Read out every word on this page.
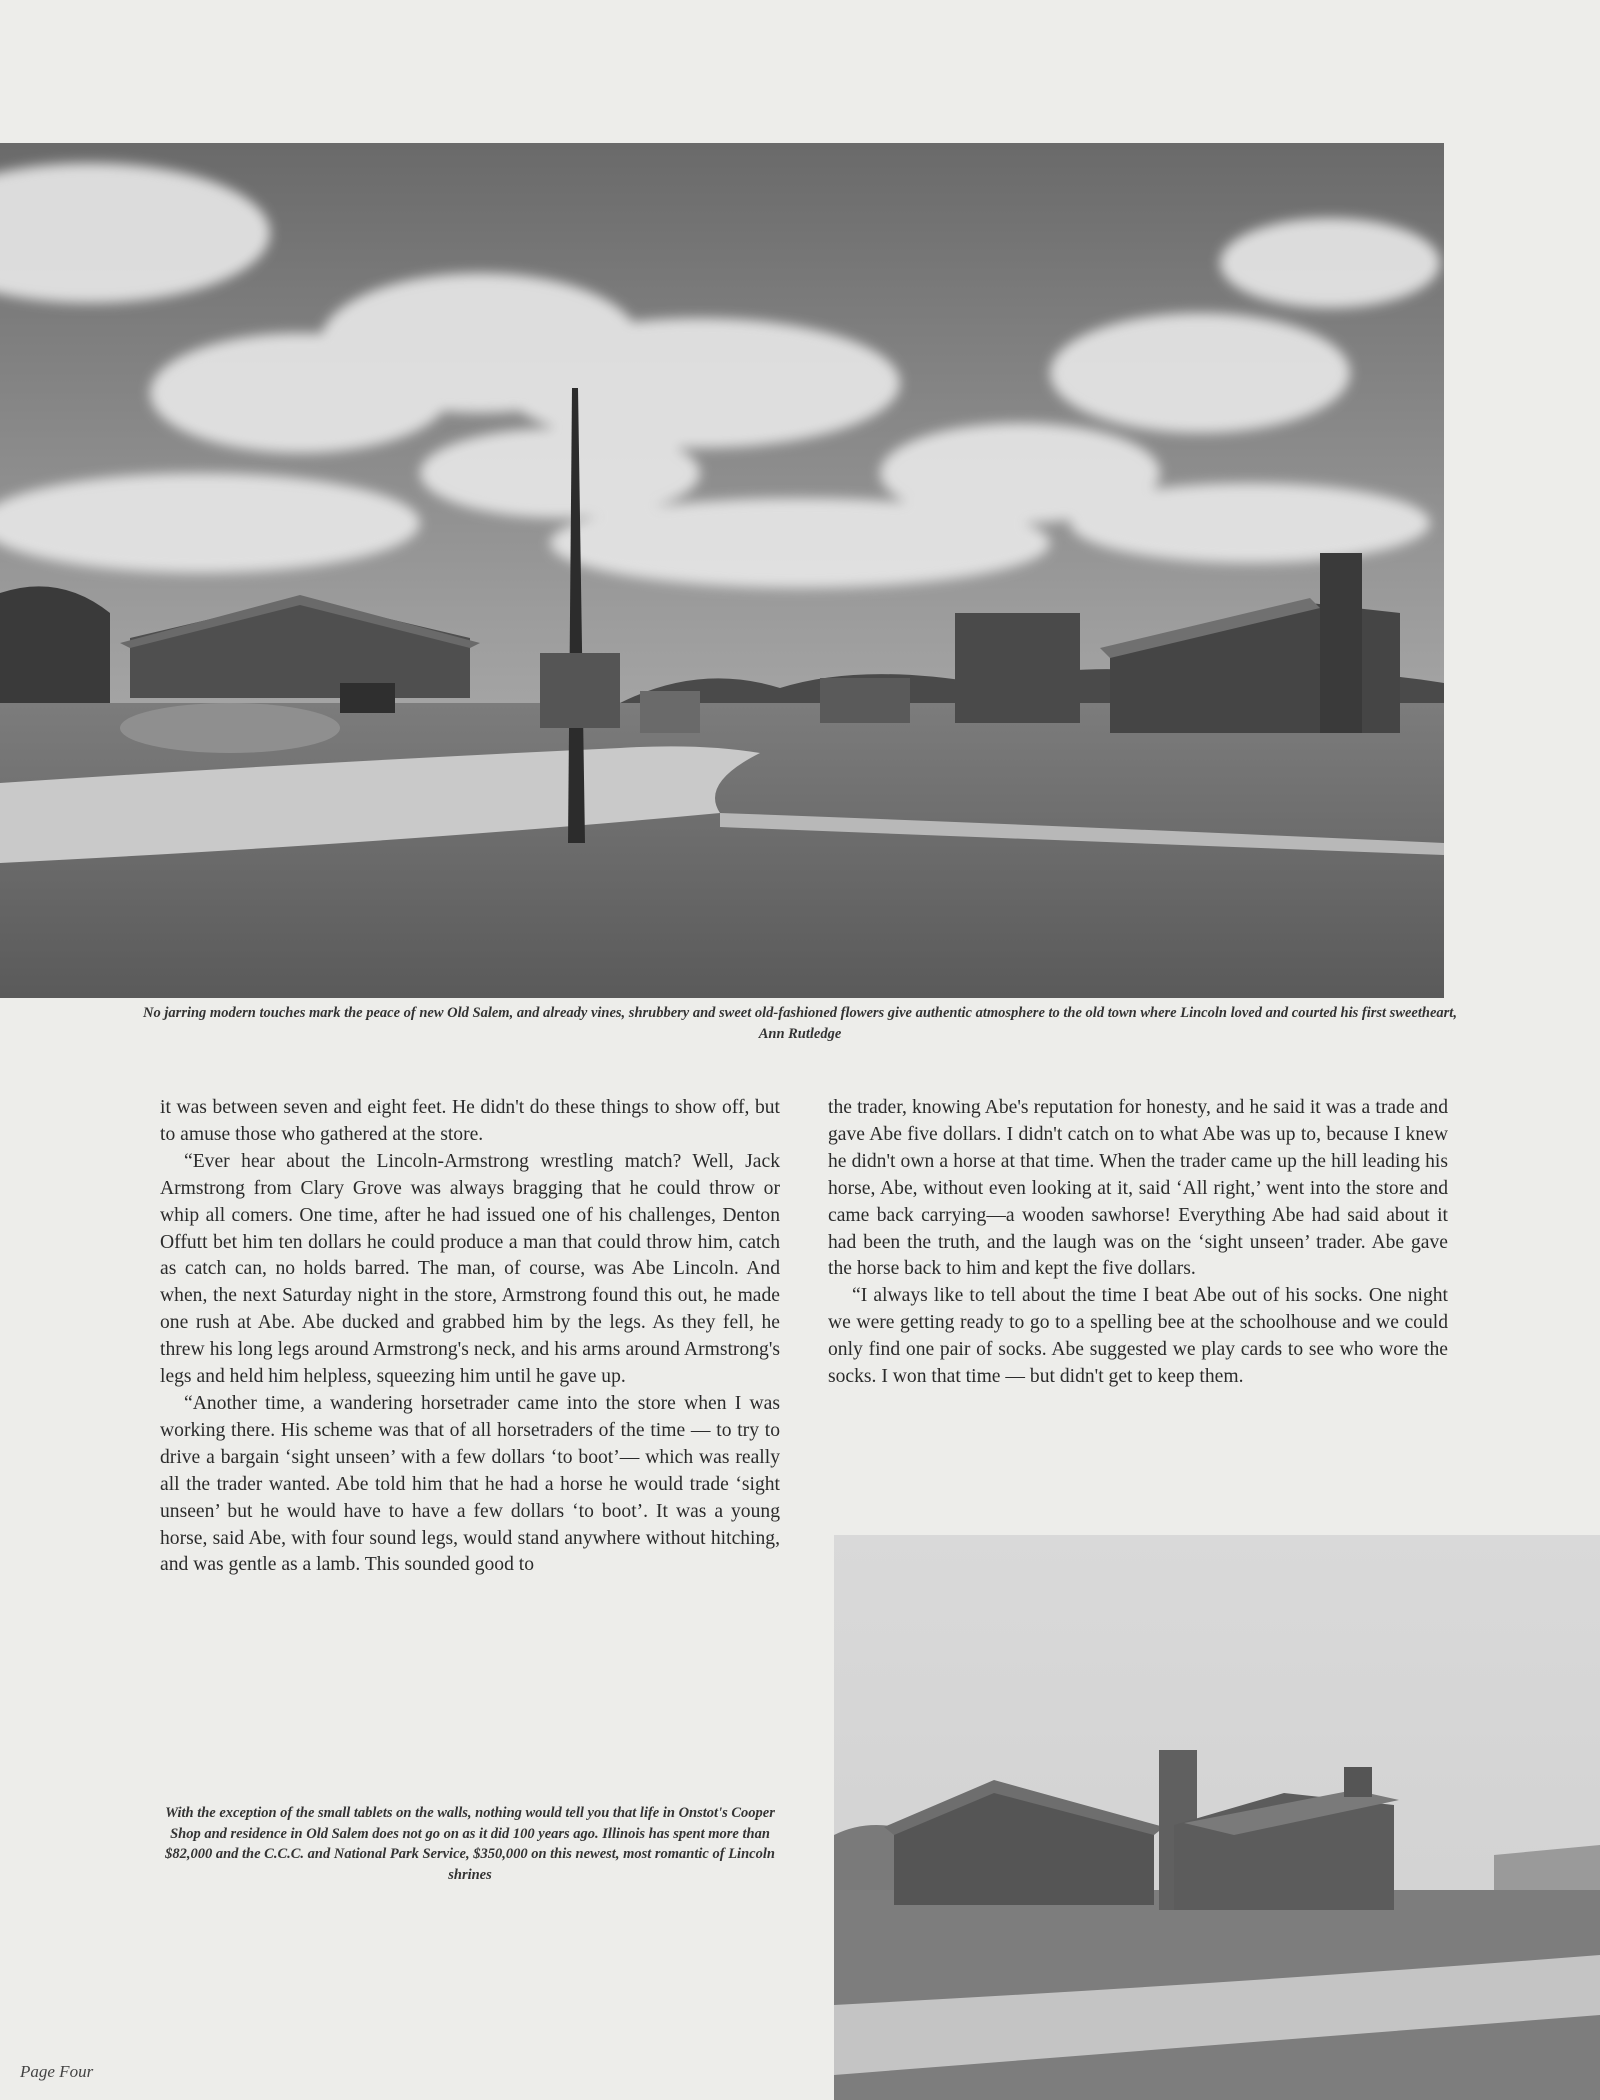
No jarring modern touches mark the peace of new Old Salem, and already vines, shrubbery and sweet old-fashioned flowers give authentic atmosphere to the old town where Lincoln loved and courted his first sweetheart, Ann Rutledge

it was between seven and eight feet. He didn't do these things to show off, but to amuse those who gathered at the store.

“Ever hear about the Lincoln-Armstrong wrestling match? Well, Jack Armstrong from Clary Grove was always bragging that he could throw or whip all comers. One time, after he had issued one of his challenges, Denton Offutt bet him ten dollars he could produce a man that could throw him, catch as catch can, no holds barred. The man, of course, was Abe Lincoln. And when, the next Saturday night in the store, Armstrong found this out, he made one rush at Abe. Abe ducked and grabbed him by the legs. As they fell, he threw his long legs around Armstrong's neck, and his arms around Armstrong's legs and held him helpless, squeezing him until he gave up.

“Another time, a wandering horsetrader came into the store when I was working there. His scheme was that of all horsetraders of the time — to try to drive a bargain ‘sight unseen’ with a few dollars ‘to boot’— which was really all the trader wanted. Abe told him that he had a horse he would trade ‘sight unseen’ but he would have to have a few dollars ‘to boot’. It was a young horse, said Abe, with four sound legs, would stand anywhere without hitching, and was gentle as a lamb. This sounded good to

the trader, knowing Abe's reputation for honesty, and he said it was a trade and gave Abe five dollars. I didn't catch on to what Abe was up to, because I knew he didn't own a horse at that time. When the trader came up the hill leading his horse, Abe, without even looking at it, said ‘All right,’ went into the store and came back carrying—a wooden sawhorse! Everything Abe had said about it had been the truth, and the laugh was on the ‘sight unseen’ trader. Abe gave the horse back to him and kept the five dollars.

“I always like to tell about the time I beat Abe out of his socks. One night we were getting ready to go to a spelling bee at the schoolhouse and we could only find one pair of socks. Abe suggested we play cards to see who wore the socks. I won that time — but didn't get to keep them.

With the exception of the small tablets on the walls, nothing would tell you that life in Onstot's Cooper Shop and residence in Old Salem does not go on as it did 100 years ago. Illinois has spent more than $82,000 and the C.C.C. and National Park Service, $350,000 on this newest, most romantic of Lincoln shrines
Page Four
